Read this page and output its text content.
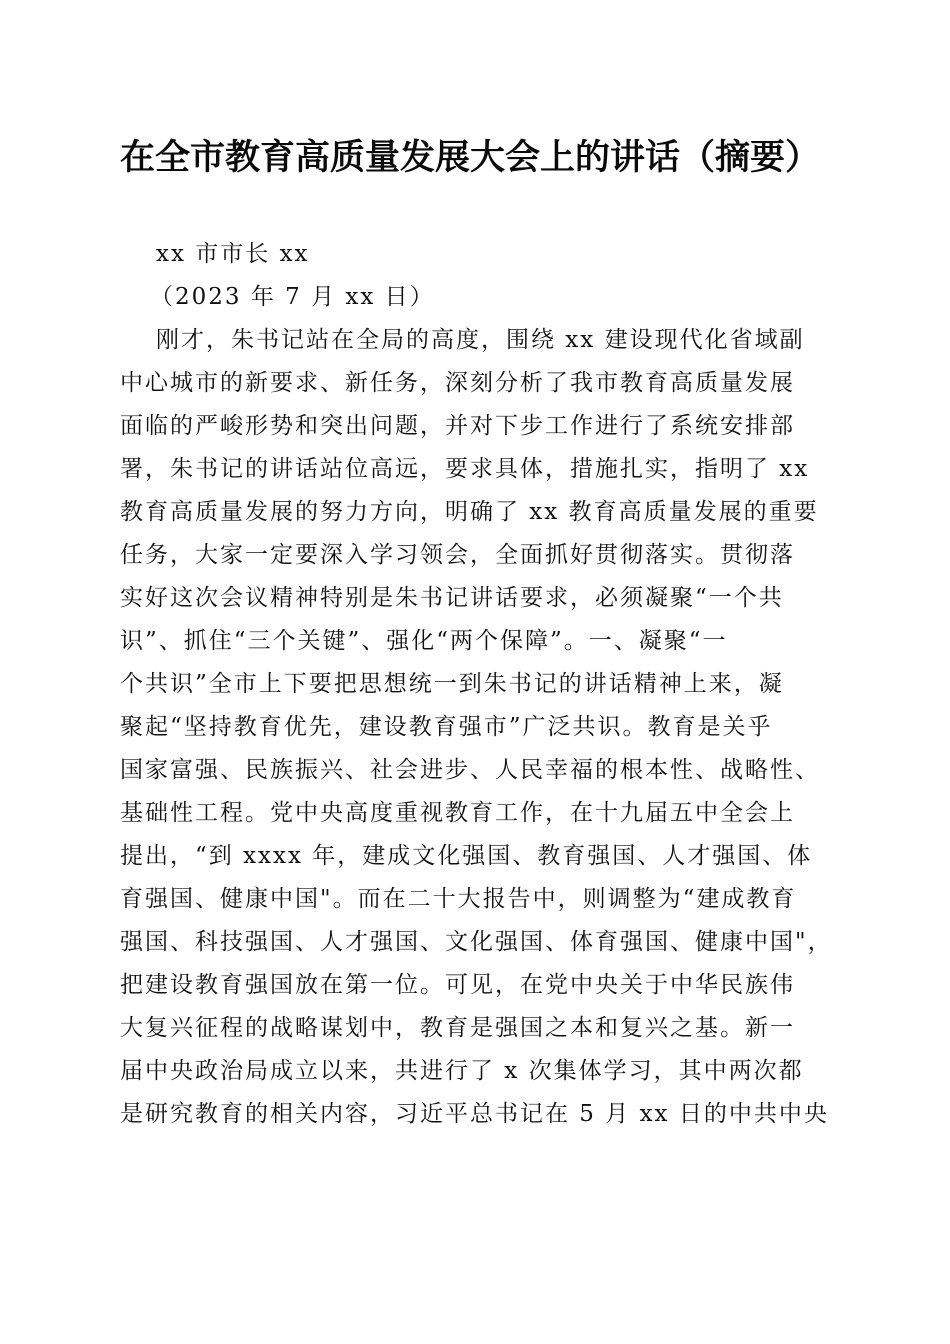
在全市教育高质量发展大会上的讲话（摘要）
xx 市市长 xx
（2023 年 7 月 xx 日）
刚才，朱书记站在全局的高度，围绕 xx 建设现代化省域副
中心城市的新要求、新任务，深刻分析了我市教育高质量发展
面临的严峻形势和突出问题，并对下步工作进行了系统安排部
署，朱书记的讲话站位高远，要求具体，措施扎实，指明了 xx
教育高质量发展的努力方向，明确了 xx 教育高质量发展的重要
任务，大家一定要深入学习领会，全面抓好贯彻落实。贯彻落
实好这次会议精神特别是朱书记讲话要求，必须凝聚“一个共
识”、抓住“三个关键”、强化“两个保障”。一、凝聚“一
个共识”全市上下要把思想统一到朱书记的讲话精神上来，凝
聚起“坚持教育优先，建设教育强市”广泛共识。教育是关乎
国家富强、民族振兴、社会进步、人民幸福的根本性、战略性、
基础性工程。党中央高度重视教育工作，在十九届五中全会上
提出，“到 xxxx 年，建成文化强国、教育强国、人才强国、体
育强国、健康中国"。而在二十大报告中，则调整为“建成教育
强国、科技强国、人才强国、文化强国、体育强国、健康中国"，
把建设教育强国放在第一位。可见，在党中央关于中华民族伟
大复兴征程的战略谋划中，教育是强国之本和复兴之基。新一
届中央政治局成立以来，共进行了 x 次集体学习，其中两次都
是研究教育的相关内容，习近平总书记在 5 月 xx 日的中共中央
